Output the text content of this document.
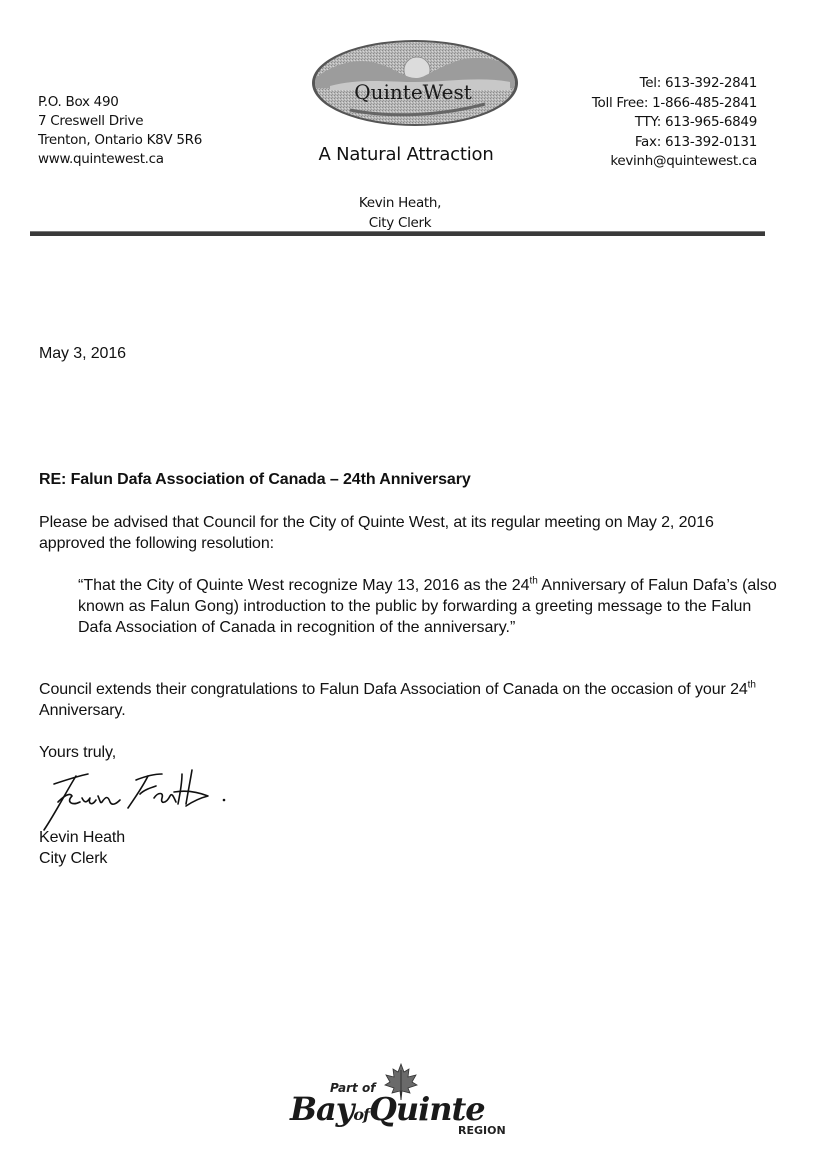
P.O. Box 490
7 Creswell Drive
Trenton, Ontario K8V 5R6
www.quintewest.ca
QuinteWest
A Natural Attraction
Tel: 613-392-2841
Toll Free: 1-866-485-2841
TTY: 613-965-6849
Fax: 613-392-0131
kevinh@quintewest.ca
Kevin Heath,
City Clerk
May 3, 2016
RE: Falun Dafa Association of Canada – 24th Anniversary
Please be advised that Council for the City of Quinte West, at its regular meeting on May 2, 2016 approved the following resolution:
“That the City of Quinte West recognize May 13, 2016 as the 24th Anniversary of Falun Dafa’s (also known as Falun Gong) introduction to the public by forwarding a greeting message to the Falun Dafa Association of Canada in recognition of the anniversary.”
Council extends their congratulations to Falun Dafa Association of Canada on the occasion of your 24th Anniversary.
Yours truly,
Kevin Heath
City Clerk
Part of
BayofQuinte
REGION
